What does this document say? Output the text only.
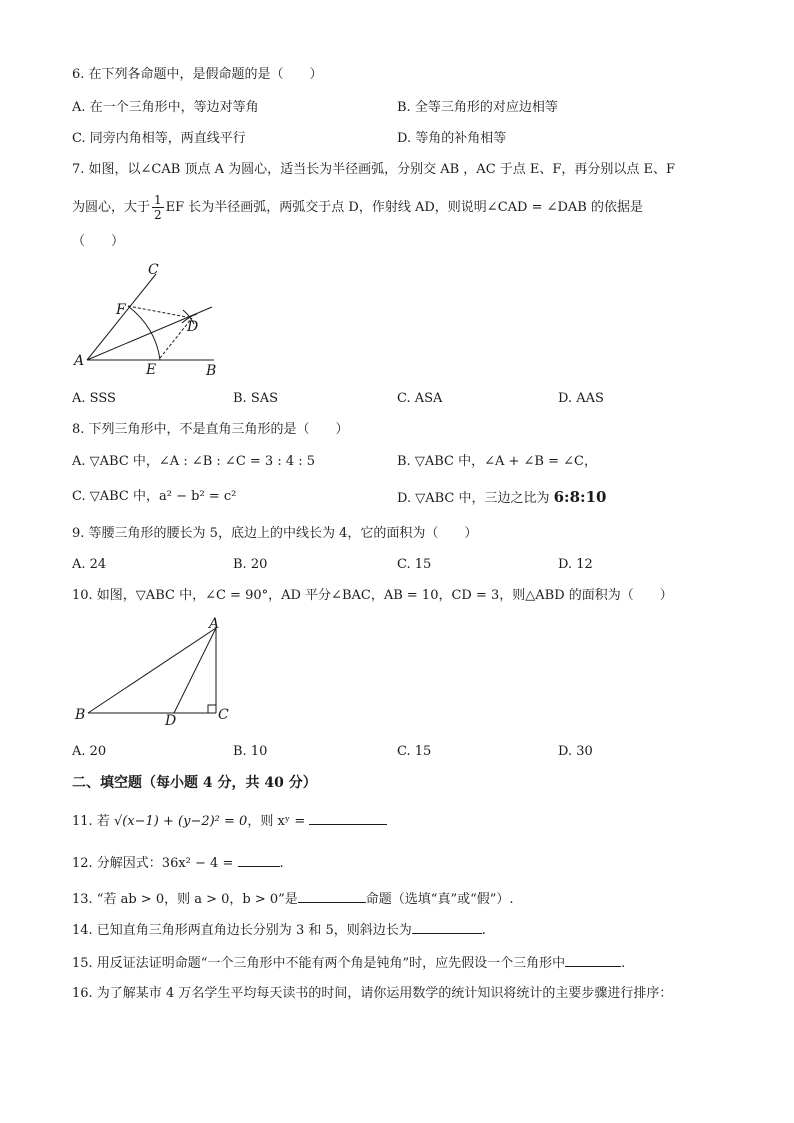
6. 在下列各命题中，是假命题的是（　　）
A. 在一个三角形中，等边对等角	B. 全等三角形的对应边相等
C. 同旁内角相等，两直线平行	D. 等角的补角相等
7. 如图，以∠CAB 顶点 A 为圆心，适当长为半径画弧，分别交 AB ，AC 于点 E、F，再分别以点 E、F
为圆心，大于 $\frac{1}{2}$ EF 长为半径画弧，两弧交于点 D，作射线 AD，则说明∠CAD = ∠DAB 的依据是
（　　）
C
F
D
A
E	B
A. SSS	B. SAS	C. ASA	D. AAS
8. 下列三角形中，不是直角三角形的是（　　）
A. ▽ABC 中，∠A : ∠B : ∠C = 3 : 4 : 5	B. ▽ABC 中，∠A + ∠B = ∠C，
C. ▽ABC 中，a² − b² = c²	D. ▽ABC 中，三边之比为 6:8:10
9. 等腰三角形的腰长为 5，底边上的中线长为 4，它的面积为（　　）
A. 24	B. 20	C. 15	D. 12
10. 如图，▽ABC 中，∠C = 90°，AD 平分∠BAC，AB = 10，CD = 3，则△ABD 的面积为（　　）
A
B	D	C
A. 20	B. 10	C. 15	D. 30
二、填空题（每小题 4 分，共 40 分）
11. 若 √(x−1) + (y−2)² = 0，则 xʸ =
12. 分解因式：36x² − 4 =	.
13. “若 ab > 0，则 a > 0，b > 0”是	命题（选填“真”或“假”）.
14. 已知直角三角形两直角边长分别为 3 和 5，则斜边长为	.
15. 用反证法证明命题“一个三角形中不能有两个角是钝角”时，应先假设一个三角形中	.
16. 为了解某市 4 万名学生平均每天读书的时间，请你运用数学的统计知识将统计的主要步骤进行排序：
